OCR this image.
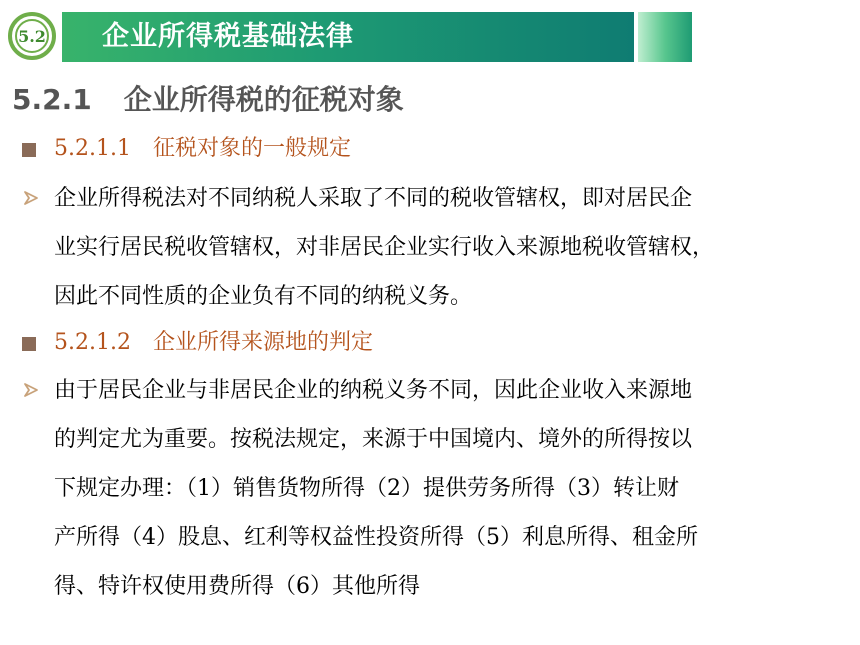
5.2 企业所得税基础法律
5.2.1 企业所得税的征税对象
5.2.1.1 征税对象的一般规定
企业所得税法对不同纳税人采取了不同的税收管辖权，即对居民企
业实行居民税收管辖权，对非居民企业实行收入来源地税收管辖权，
因此不同性质的企业负有不同的纳税义务。
5.2.1.2 企业所得来源地的判定
由于居民企业与非居民企业的纳税义务不同，因此企业收入来源地
的判定尤为重要。按税法规定，来源于中国境内、境外的所得按以
下规定办理：（1）销售货物所得（2）提供劳务所得（3）转让财
产所得（4）股息、红利等权益性投资所得（5）利息所得、租金所
得、特许权使用费所得（6）其他所得
